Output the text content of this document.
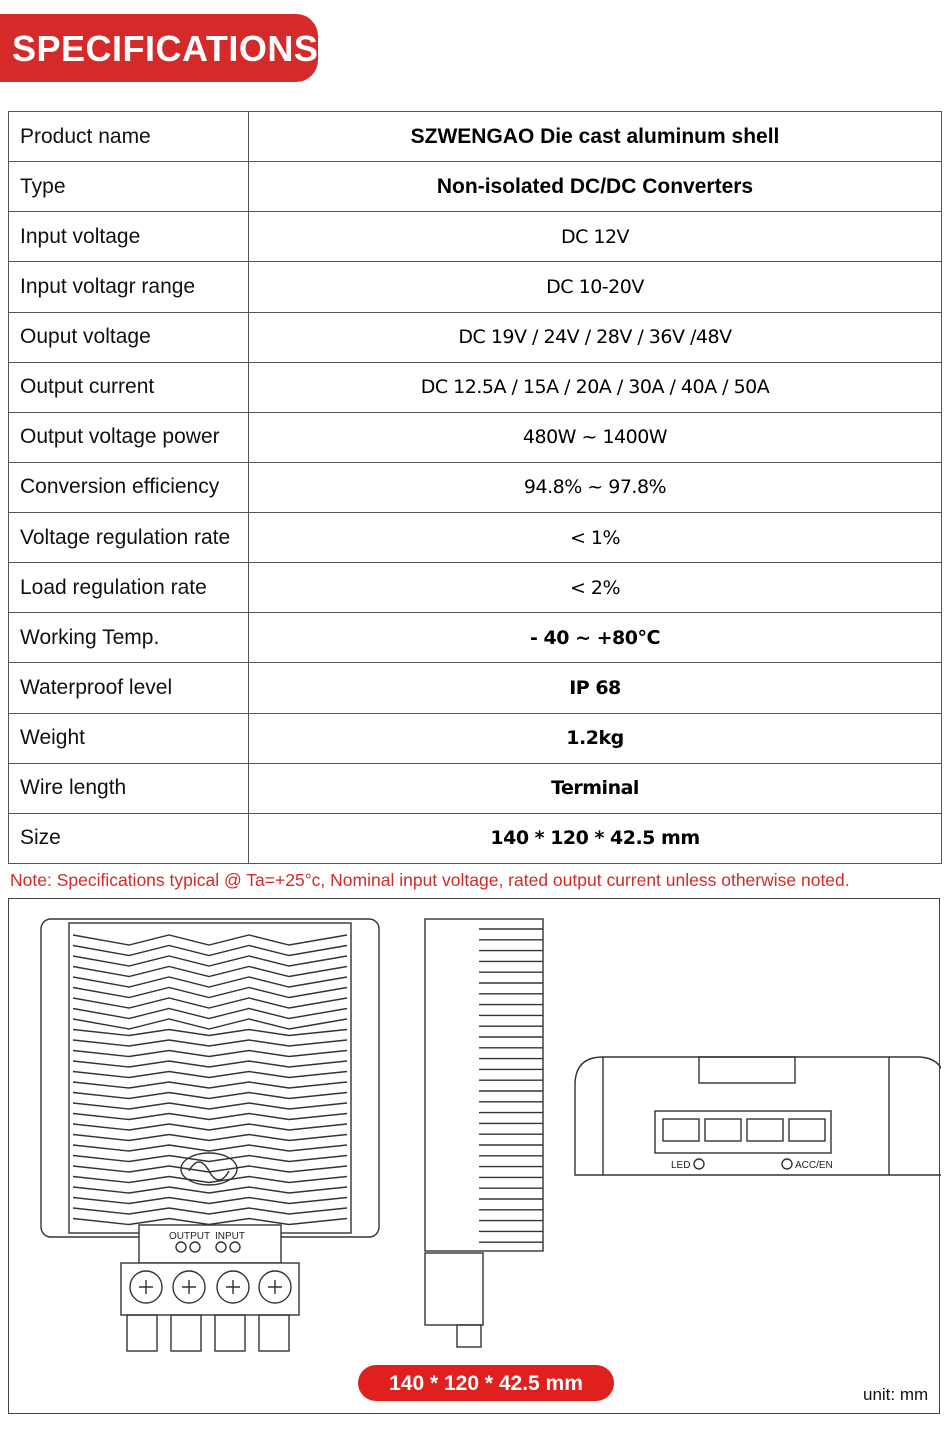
SPECIFICATIONS
Product name	SZWENGAO Die cast aluminum shell
Type	Non-isolated DC/DC Converters
Input voltage	DC 12V
Input voltagr range	DC 10-20V
Ouput voltage	DC 19V / 24V / 28V / 36V /48V
Output current	DC 12.5A / 15A / 20A / 30A / 40A / 50A
Output voltage power	480W ~ 1400W
Conversion efficiency	94.8% ~ 97.8%
Voltage regulation rate	< 1%
Load regulation rate	< 2%
Working Temp.	- 40 ~ +80℃
Waterproof level	IP 68
Weight	1.2kg
Wire length	Terminal
Size	140 * 120 * 42.5 mm
Note: Specifications typical @ Ta=+25°c, Nominal input voltage, rated output current unless otherwise noted.
OUTPUT INPUT
LED	ACC/EN
140 * 120 * 42.5 mm	unit: mm
